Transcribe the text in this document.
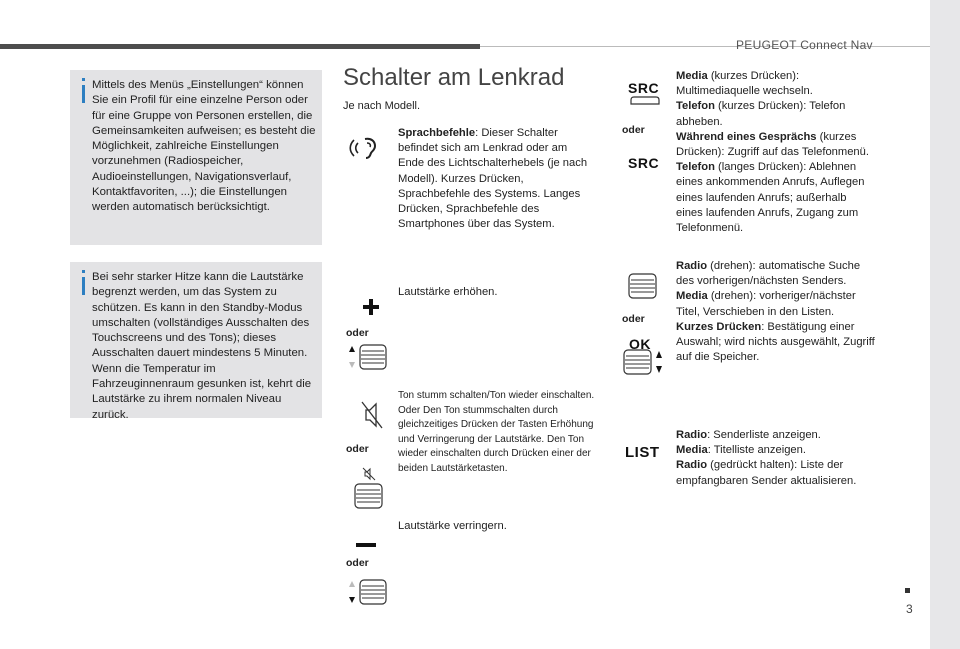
PEUGEOT Connect Nav
3
Mittels des Menüs „Einstellungen“ können Sie ein Profil für eine einzelne Person oder für eine Gruppe von Personen erstellen, die Gemeinsamkeiten aufweisen; es besteht die Möglichkeit, zahlreiche Einstellungen vorzunehmen (Radiospeicher, Audioeinstellungen, Navigationsverlauf, Kontaktfavoriten, ...); die Einstellungen werden automatisch berücksichtigt.
Bei sehr starker Hitze kann die Lautstärke begrenzt werden, um das System zu schützen. Es kann in den Standby-Modus umschalten (vollständiges Ausschalten des Touchscreens und des Tons); dieses Ausschalten dauert mindestens 5 Minuten. Wenn die Temperatur im Fahrzeuginnenraum gesunken ist, kehrt die Lautstärke zu ihrem normalen Niveau zurück.
Schalter am Lenkrad
Je nach Modell.
Sprachbefehle: Dieser Schalter befindet sich am Lenkrad oder am Ende des Lichtschalterhebels (je nach Modell). Kurzes Drücken, Sprachbefehle des Systems. Langes Drücken, Sprachbefehle des Smartphones über das System.
oder
Lautstärke erhöhen.
oder
Ton stumm schalten/Ton wieder einschalten. Oder Den Ton stummschalten durch gleichzeitiges Drücken der Tasten Erhöhung und Verringerung der Lautstärke. Den Ton wieder einschalten durch Drücken einer der beiden Lautstärketasten.
oder
Lautstärke verringern.
SRC
oder
SRC
Media (kurzes Drücken): Multimediaquelle wechseln.
Telefon (kurzes Drücken): Telefon abheben.
Während eines Gesprächs (kurzes Drücken): Zugriff auf das Telefonmenü.
Telefon (langes Drücken): Ablehnen eines ankommenden Anrufs, Auflegen eines laufenden Anrufs; außerhalb eines laufenden Anrufs, Zugang zum Telefonmenü.
oder
OK
Radio (drehen): automatische Suche des vorherigen/nächsten Senders.
Media (drehen): vorheriger/nächster Titel, Verschieben in den Listen.
Kurzes Drücken: Bestätigung einer Auswahl; wird nichts ausgewählt, Zugriff auf die Speicher.
LIST
Radio: Senderliste anzeigen.
Media: Titelliste anzeigen.
Radio (gedrückt halten): Liste der empfangbaren Sender aktualisieren.
